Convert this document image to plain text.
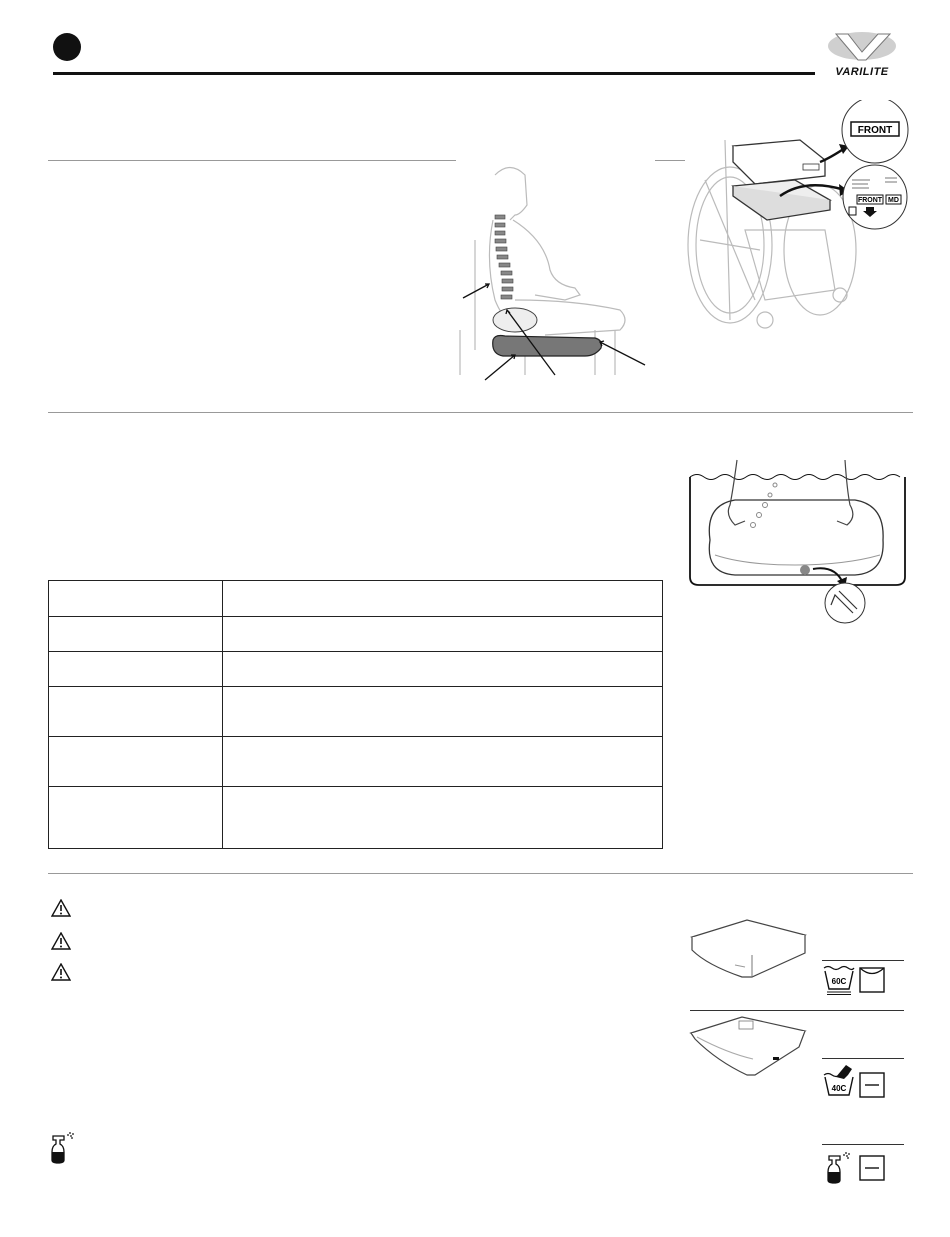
VARILITE
FRONT
FRONT MD

60C
40C
